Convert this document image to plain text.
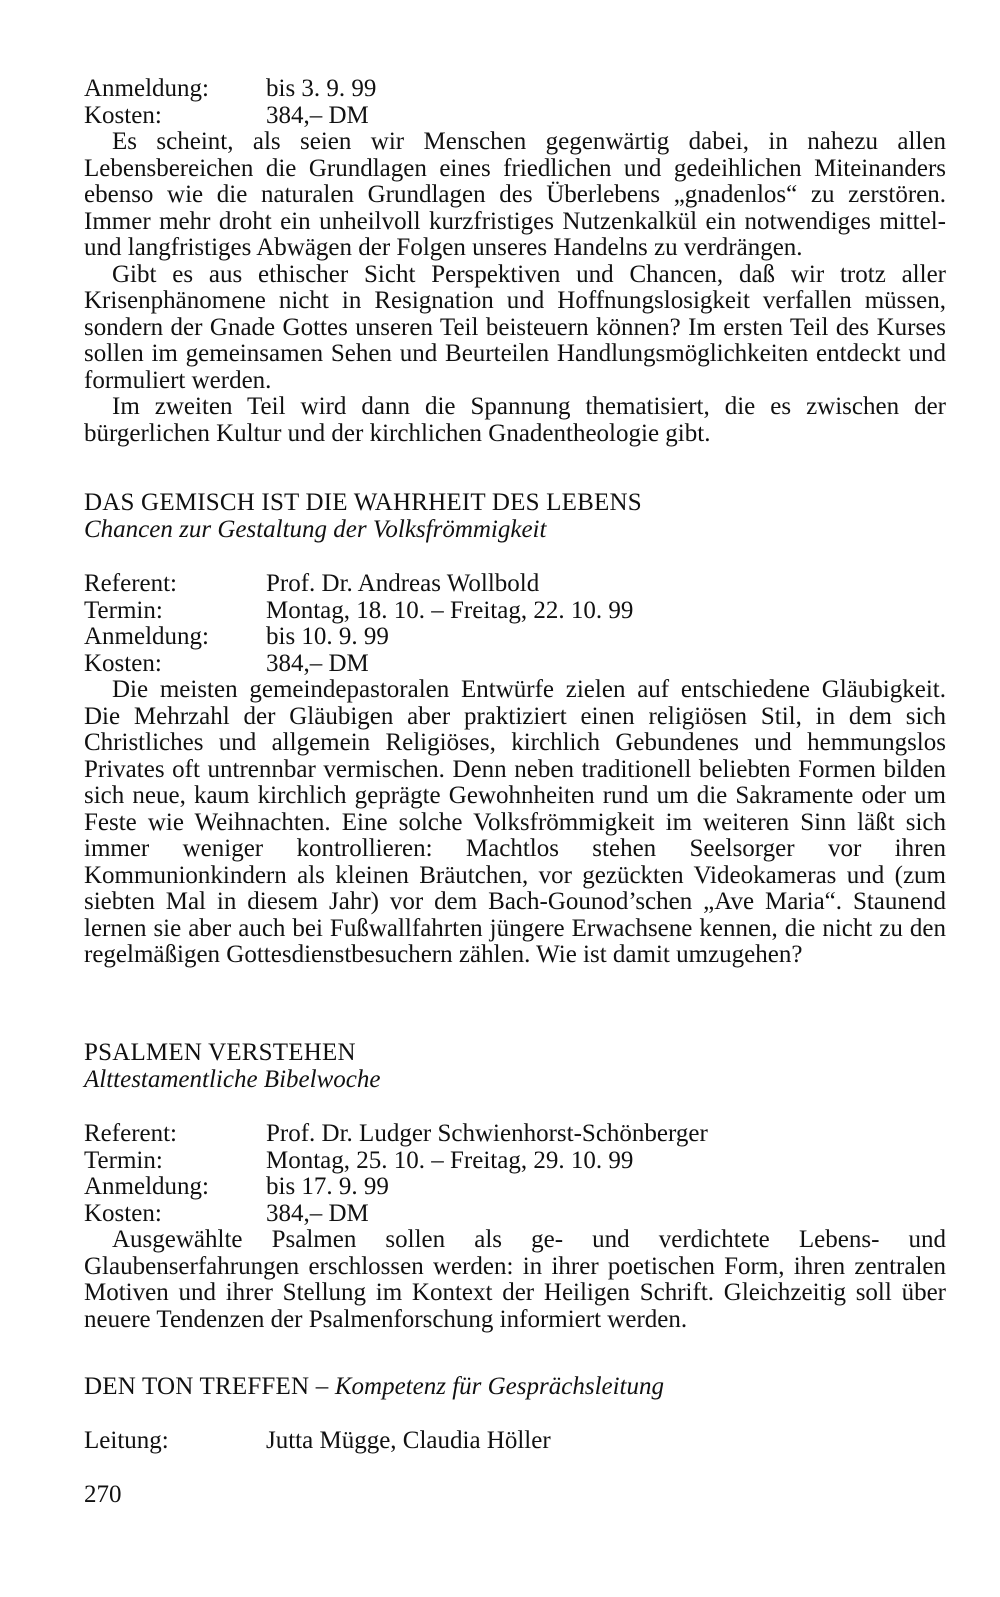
Anmeldung:	bis 3. 9. 99
Kosten:	384,– DM

Es scheint, als seien wir Menschen gegenwärtig dabei, in nahezu allen Lebensbereichen die Grundlagen eines friedlichen und gedeihlichen Miteinanders ebenso wie die naturalen Grundlagen des Überlebens „gnadenlos“ zu zerstören. Immer mehr droht ein unheilvoll kurzfristiges Nutzenkalkül ein notwendiges mittel- und langfristiges Abwägen der Folgen unseres Handelns zu verdrängen.

Gibt es aus ethischer Sicht Perspektiven und Chancen, daß wir trotz aller Krisenphänomene nicht in Resignation und Hoffnungslosigkeit verfallen müssen, sondern der Gnade Gottes unseren Teil beisteuern können? Im ersten Teil des Kurses sollen im gemeinsamen Sehen und Beurteilen Handlungsmöglichkeiten entdeckt und formuliert werden.

Im zweiten Teil wird dann die Spannung thematisiert, die es zwischen der bürgerlichen Kultur und der kirchlichen Gnadentheologie gibt.

DAS GEMISCH IST DIE WAHRHEIT DES LEBENS
Chancen zur Gestaltung der Volksfrömmigkeit
Referent:	Prof. Dr. Andreas Wollbold
Termin:	Montag, 18. 10. – Freitag, 22. 10. 99
Anmeldung:	bis 10. 9. 99
Kosten:	384,– DM

Die meisten gemeindepastoralen Entwürfe zielen auf entschiedene Gläubigkeit. Die Mehrzahl der Gläubigen aber praktiziert einen religiösen Stil, in dem sich Christliches und allgemein Religiöses, kirchlich Gebundenes und hemmungslos Privates oft untrennbar vermischen. Denn neben traditionell beliebten Formen bilden sich neue, kaum kirchlich geprägte Gewohnheiten rund um die Sakramente oder um Feste wie Weihnachten. Eine solche Volksfrömmigkeit im weiteren Sinn läßt sich immer weniger kontrollieren: Machtlos stehen Seelsorger vor ihren Kommunionkindern als kleinen Bräutchen, vor gezückten Videokameras und (zum siebten Mal in diesem Jahr) vor dem Bach-Gounod’schen „Ave Maria“. Staunend lernen sie aber auch bei Fußwallfahrten jüngere Erwachsene kennen, die nicht zu den regelmäßigen Gottesdienstbesuchern zählen. Wie ist damit umzugehen?

PSALMEN VERSTEHEN
Alttestamentliche Bibelwoche
Referent:	Prof. Dr. Ludger Schwienhorst-Schönberger
Termin:	Montag, 25. 10. – Freitag, 29. 10. 99
Anmeldung:	bis 17. 9. 99
Kosten:	384,– DM

Ausgewählte Psalmen sollen als ge- und verdichtete Lebens- und Glaubenserfahrungen erschlossen werden: in ihrer poetischen Form, ihren zentralen Motiven und ihrer Stellung im Kontext der Heiligen Schrift. Gleichzeitig soll über neuere Tendenzen der Psalmenforschung informiert werden.

DEN TON TREFFEN – Kompetenz für Gesprächsleitung
Leitung:	Jutta Mügge, Claudia Höller
270
